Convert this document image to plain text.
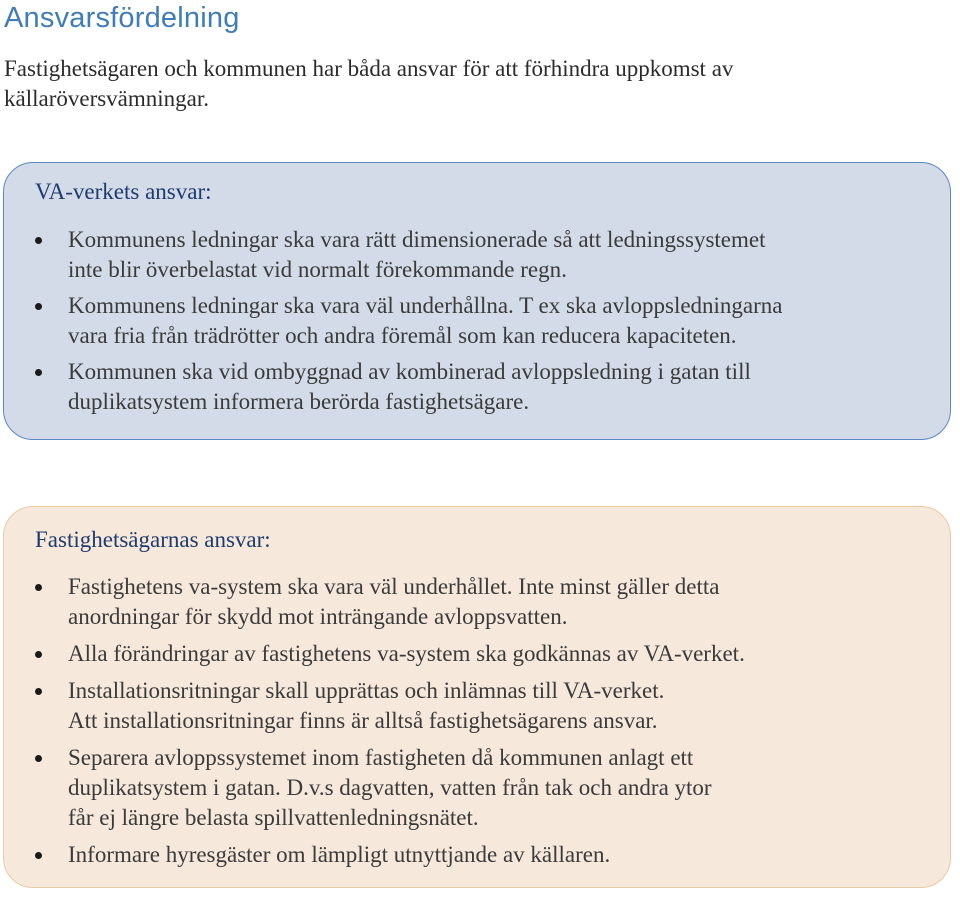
Ansvarsfördelning

Fastighetsägaren och kommunen har båda ansvar för att förhindra uppkomst av
källaröversvämningar.

VA-verkets ansvar:
Kommunens ledningar ska vara rätt dimensionerade så att ledningssystemet
inte blir överbelastat vid normalt förekommande regn.
Kommunens ledningar ska vara väl underhållna. T ex ska avloppsledningarna
vara fria från trädrötter och andra föremål som kan reducera kapaciteten.
Kommunen ska vid ombyggnad av kombinerad avloppsledning i gatan till
duplikatsystem informera berörda fastighetsägare.
Fastighetsägarnas ansvar:
Fastighetens va-system ska vara väl underhållet. Inte minst gäller detta
anordningar för skydd mot inträngande avloppsvatten.
Alla förändringar av fastighetens va-system ska godkännas av VA-verket.
Installationsritningar skall upprättas och inlämnas till VA-verket.
Att installationsritningar finns är alltså fastighetsägarens ansvar.
Separera avloppssystemet inom fastigheten då kommunen anlagt ett
duplikatsystem i gatan. D.v.s dagvatten, vatten från tak och andra ytor
får ej längre belasta spillvattenledningsnätet.
Informare hyresgäster om lämpligt utnyttjande av källaren.
